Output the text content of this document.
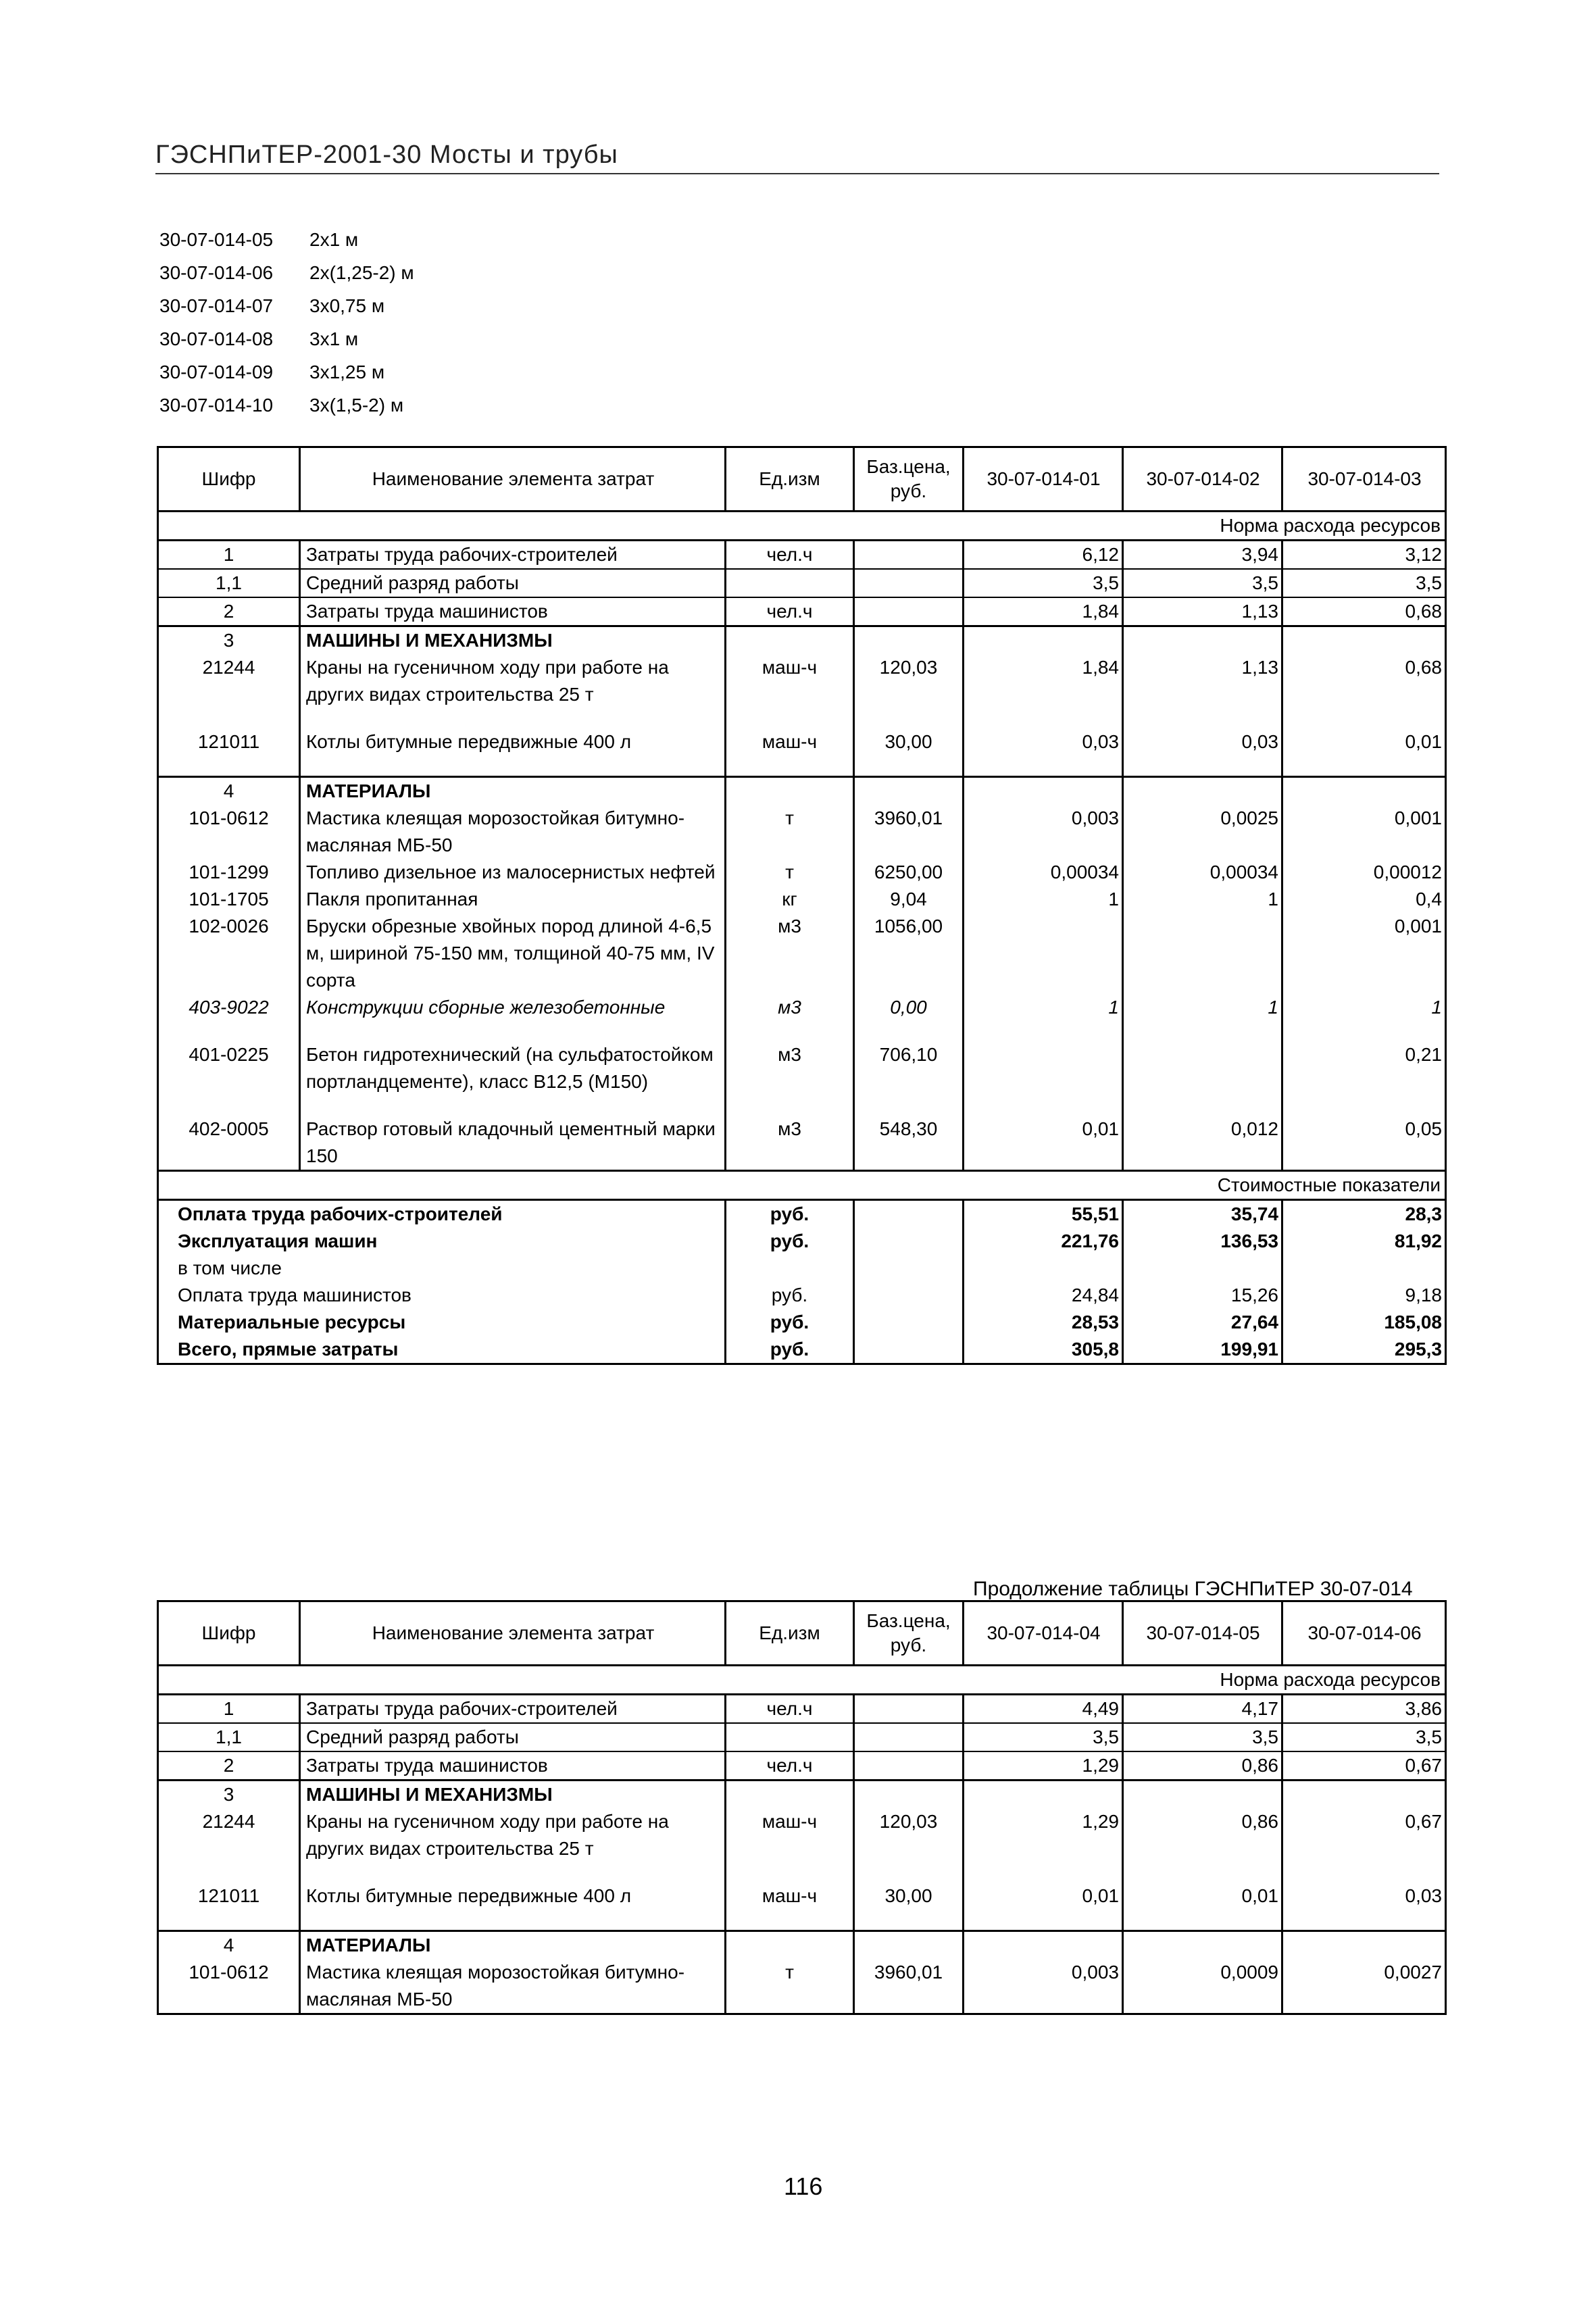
ГЭСНПиТЕР-2001-30 Мосты и трубы
30-07-014-05	2х1 м
30-07-014-06	2х(1,25-2) м
30-07-014-07	3х0,75 м
30-07-014-08	3х1 м
30-07-014-09	3х1,25 м
30-07-014-10	3х(1,5-2) м
Шифр	Наименование элемента затрат	Ед.изм	Баз.цена, руб.	30-07-014-01	30-07-014-02	30-07-014-03
				Норма расхода ресурсов		
1	Затраты труда рабочих-строителей	чел.ч		6,12	3,94	3,12
1,1	Средний разряд работы			3,5	3,5	3,5
2	Затраты труда машинистов	чел.ч		1,84	1,13	0,68
3	МАШИНЫ И МЕХАНИЗМЫ					
21244	Краны на гусеничном ходу при работе на других видах строительства 25 т	маш-ч	120,03	1,84	1,13	0,68
121011	Котлы битумные передвижные 400 л	маш-ч	30,00	0,03	0,03	0,01
4	МАТЕРИАЛЫ					
101-0612	Мастика клеящая морозостойкая битумно-масляная МБ-50	т	3960,01	0,003	0,0025	0,001
101-1299	Топливо дизельное из малосернистых нефтей	т	6250,00	0,00034	0,00034	0,00012
101-1705	Пакля пропитанная	кг	9,04	1	1	0,4
102-0026	Бруски обрезные хвойных пород длиной 4-6,5 м, шириной 75-150 мм, толщиной 40-75 мм, IV сорта	м3	1056,00			0,001
403-9022	Конструкции сборные железобетонные	м3	0,00	1	1	1
401-0225	Бетон гидротехнический (на сульфатостойком портландцементе), класс В12,5 (М150)	м3	706,10			0,21
402-0005	Раствор готовый кладочный цементный марки 150	м3	548,30	0,01	0,012	0,05
				Стоимостные показатели		
Оплата труда рабочих-строителей		руб.		55,51	35,74	28,3
Эксплуатация машин		руб.		221,76	136,53	81,92
в том числе						
Оплата труда машинистов		руб.		24,84	15,26	9,18
Материальные ресурсы		руб.		28,53	27,64	185,08
Всего, прямые затраты		руб.		305,8	199,91	295,3
Продолжение таблицы ГЭСНПиТЕР 30-07-014
Шифр	Наименование элемента затрат	Ед.изм	Баз.цена, руб.	30-07-014-04	30-07-014-05	30-07-014-06
				Норма расхода ресурсов		
1	Затраты труда рабочих-строителей	чел.ч		4,49	4,17	3,86
1,1	Средний разряд работы			3,5	3,5	3,5
2	Затраты труда машинистов	чел.ч		1,29	0,86	0,67
3	МАШИНЫ И МЕХАНИЗМЫ					
21244	Краны на гусеничном ходу при работе на других видах строительства 25 т	маш-ч	120,03	1,29	0,86	0,67
121011	Котлы битумные передвижные 400 л	маш-ч	30,00	0,01	0,01	0,03
4	МАТЕРИАЛЫ					
101-0612	Мастика клеящая морозостойкая битумно-масляная МБ-50	т	3960,01	0,003	0,0009	0,0027
116
